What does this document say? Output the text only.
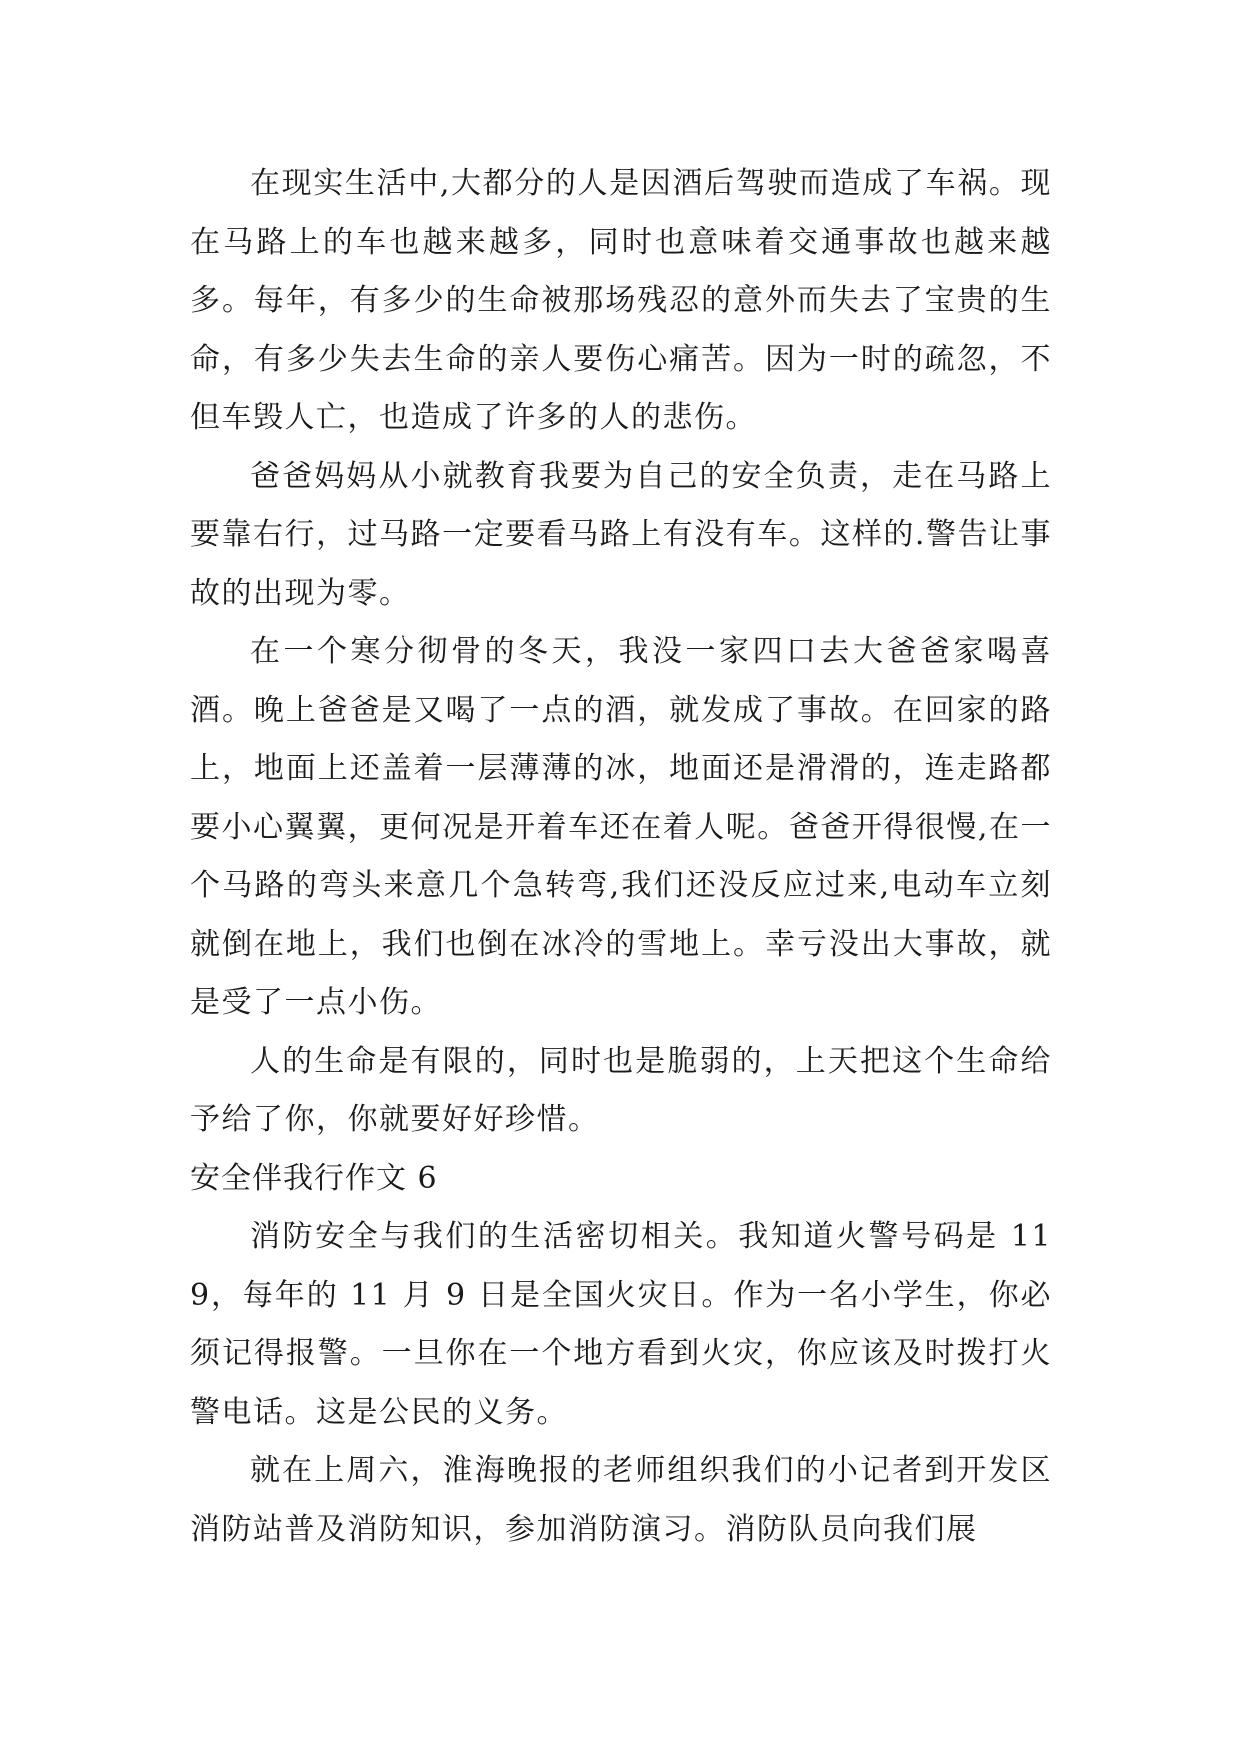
在现实生活中,大都分的人是因酒后驾驶而造成了车祸。现在马路上的车也越来越多，同时也意味着交通事故也越来越多。每年，有多少的生命被那场残忍的意外而失去了宝贵的生命，有多少失去生命的亲人要伤心痛苦。因为一时的疏忽，不但车毁人亡，也造成了许多的人的悲伤。

爸爸妈妈从小就教育我要为自己的安全负责，走在马路上要靠右行，过马路一定要看马路上有没有车。这样的.警告让事故的出现为零。

在一个寒分彻骨的冬天，我没一家四口去大爸爸家喝喜酒。晚上爸爸是又喝了一点的酒，就发成了事故。在回家的路上，地面上还盖着一层薄薄的冰，地面还是滑滑的，连走路都要小心翼翼，更何况是开着车还在着人呢。爸爸开得很慢,在一个马路的弯头来意几个急转弯,我们还没反应过来,电动车立刻就倒在地上，我们也倒在冰冷的雪地上。幸亏没出大事故，就是受了一点小伤。

人的生命是有限的，同时也是脆弱的，上天把这个生命给予给了你，你就要好好珍惜。

安全伴我行作文 6

消防安全与我们的生活密切相关。我知道火警号码是 119，每年的 11 月 9 日是全国火灾日。作为一名小学生，你必须记得报警。一旦你在一个地方看到火灾，你应该及时拨打火警电话。这是公民的义务。

就在上周六，淮海晚报的老师组织我们的小记者到开发区消防站普及消防知识，参加消防演习。消防队员向我们展
